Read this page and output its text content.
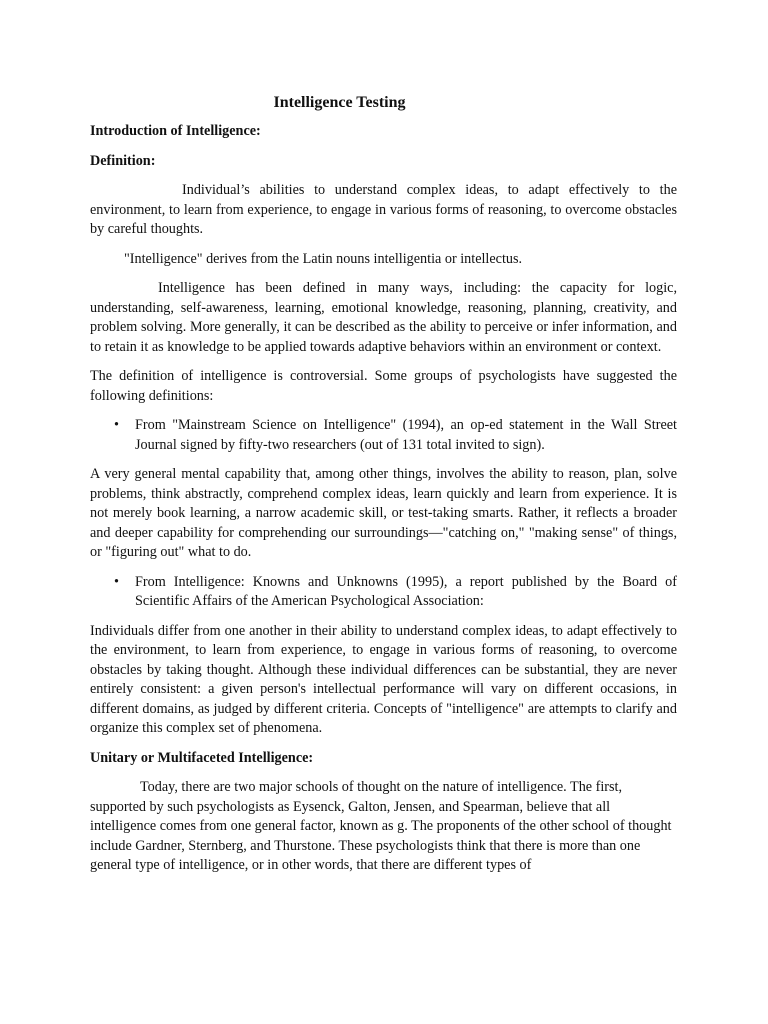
Intelligence Testing
Introduction of Intelligence:
Definition:

Individual’s abilities to understand complex ideas, to adapt effectively to the environment, to learn from experience, to engage in various forms of reasoning, to overcome obstacles by careful thoughts.

"Intelligence" derives from the Latin nouns intelligentia or intellectus.

Intelligence has been defined in many ways, including: the capacity for logic, understanding, self-awareness, learning, emotional knowledge, reasoning, planning, creativity, and problem solving. More generally, it can be described as the ability to perceive or infer information, and to retain it as knowledge to be applied towards adaptive behaviors within an environment or context.

The definition of intelligence is controversial. Some groups of psychologists have suggested the following definitions:

• From "Mainstream Science on Intelligence" (1994), an op-ed statement in the Wall Street Journal signed by fifty-two researchers (out of 131 total invited to sign).

A very general mental capability that, among other things, involves the ability to reason, plan, solve problems, think abstractly, comprehend complex ideas, learn quickly and learn from experience. It is not merely book learning, a narrow academic skill, or test-taking smarts. Rather, it reflects a broader and deeper capability for comprehending our surroundings—"catching on," "making sense" of things, or "figuring out" what to do.

• From Intelligence: Knowns and Unknowns (1995), a report published by the Board of Scientific Affairs of the American Psychological Association:

Individuals differ from one another in their ability to understand complex ideas, to adapt effectively to the environment, to learn from experience, to engage in various forms of reasoning, to overcome obstacles by taking thought. Although these individual differences can be substantial, they are never entirely consistent: a given person's intellectual performance will vary on different occasions, in different domains, as judged by different criteria. Concepts of "intelligence" are attempts to clarify and organize this complex set of phenomena.

Unitary or Multifaceted Intelligence:

Today, there are two major schools of thought on the nature of intelligence. The first, supported by such psychologists as Eysenck, Galton, Jensen, and Spearman, believe that all intelligence comes from one general factor, known as g. The proponents of the other school of thought include Gardner, Sternberg, and Thurstone. These psychologists think that there is more than one general type of intelligence, or in other words, that there are different types of
